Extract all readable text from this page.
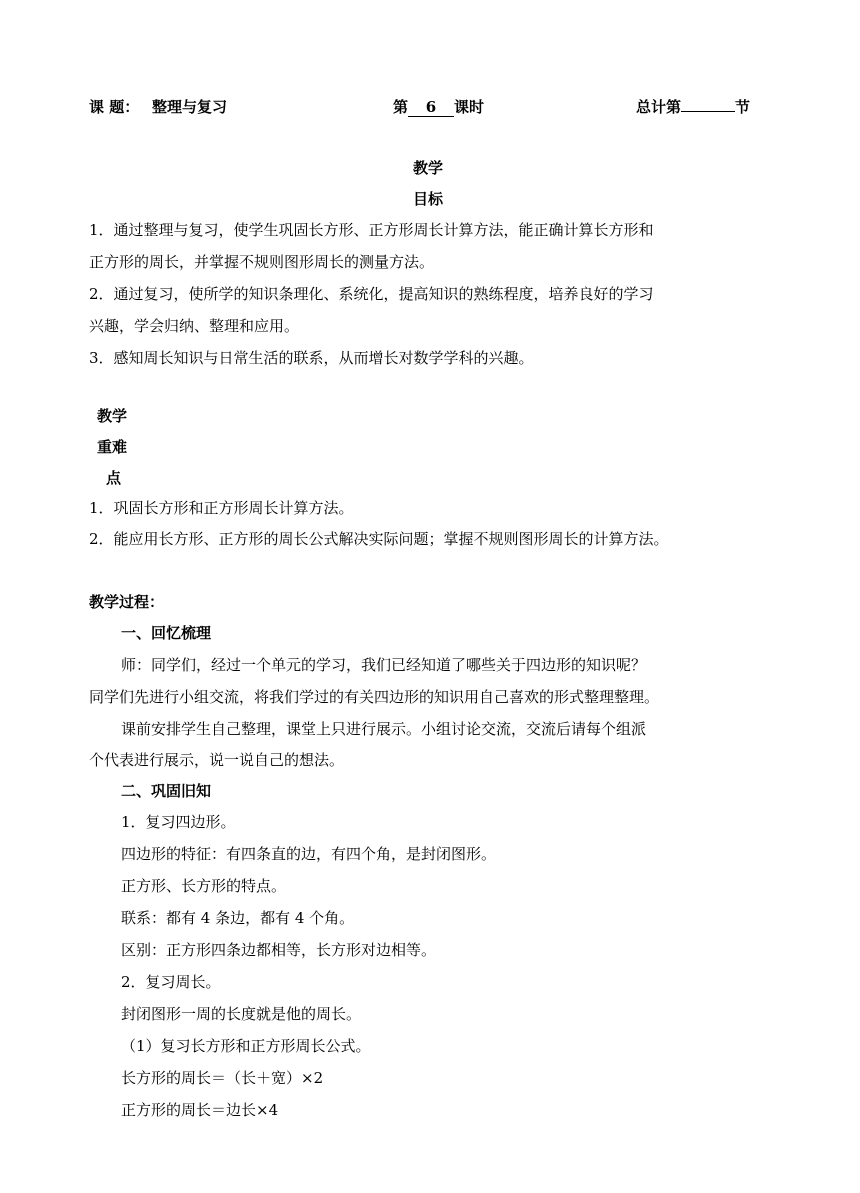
课 题： 整理与复习	第 6 课时	总计第	节
教学
目标
1．通过整理与复习，使学生巩固长方形、正方形周长计算方法，能正确计算长方形和
正方形的周长，并掌握不规则图形周长的测量方法。
2．通过复习，使所学的知识条理化、系统化，提高知识的熟练程度，培养良好的学习
兴趣，学会归纳、整理和应用。
3．感知周长知识与日常生活的联系，从而增长对数学学科的兴趣。
教学
重难
点
1．巩固长方形和正方形周长计算方法。
2．能应用长方形、正方形的周长公式解决实际问题；掌握不规则图形周长的计算方法。
教学过程：
一、回忆梳理
师：同学们，经过一个单元的学习，我们已经知道了哪些关于四边形的知识呢？
同学们先进行小组交流，将我们学过的有关四边形的知识用自己喜欢的形式整理整理。
课前安排学生自己整理，课堂上只进行展示。小组讨论交流，交流后请每个组派
个代表进行展示，说一说自己的想法。
二、巩固旧知
1．复习四边形。
四边形的特征：有四条直的边，有四个角，是封闭图形。
正方形、长方形的特点。
联系：都有 4 条边，都有 4 个角。
区别：正方形四条边都相等，长方形对边相等。
2．复习周长。
封闭图形一周的长度就是他的周长。
（1）复习长方形和正方形周长公式。
长方形的周长＝（长＋宽）×2
正方形的周长＝边长×4
